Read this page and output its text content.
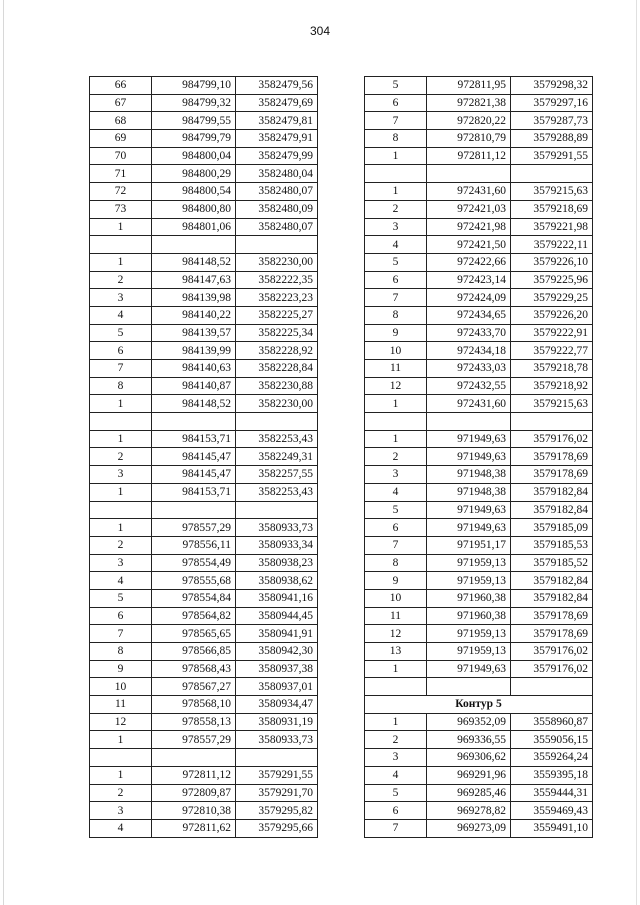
304
66	984799,10	3582479,56
67	984799,32	3582479,69
68	984799,55	3582479,81
69	984799,79	3582479,91
70	984800,04	3582479,99
71	984800,29	3582480,04
72	984800,54	3582480,07
73	984800,80	3582480,09
1	984801,06	3582480,07

1	984148,52	3582230,00
2	984147,63	3582222,35
3	984139,98	3582223,23
4	984140,22	3582225,27
5	984139,57	3582225,34
6	984139,99	3582228,92
7	984140,63	3582228,84
8	984140,87	3582230,88
1	984148,52	3582230,00

1	984153,71	3582253,43
2	984145,47	3582249,31
3	984145,47	3582257,55
1	984153,71	3582253,43

1	978557,29	3580933,73
2	978556,11	3580933,34
3	978554,49	3580938,23
4	978555,68	3580938,62
5	978554,84	3580941,16
6	978564,82	3580944,45
7	978565,65	3580941,91
8	978566,85	3580942,30
9	978568,43	3580937,38
10	978567,27	3580937,01
11	978568,10	3580934,47
12	978558,13	3580931,19
1	978557,29	3580933,73

1	972811,12	3579291,55
2	972809,87	3579291,70
3	972810,38	3579295,82
4	972811,62	3579295,66
5	972811,95	3579298,32
6	972821,38	3579297,16
7	972820,22	3579287,73
8	972810,79	3579288,89
1	972811,12	3579291,55

1	972431,60	3579215,63
2	972421,03	3579218,69
3	972421,98	3579221,98
4	972421,50	3579222,11
5	972422,66	3579226,10
6	972423,14	3579225,96
7	972424,09	3579229,25
8	972434,65	3579226,20
9	972433,70	3579222,91
10	972434,18	3579222,77
11	972433,03	3579218,78
12	972432,55	3579218,92
1	972431,60	3579215,63

1	971949,63	3579176,02
2	971949,63	3579178,69
3	971948,38	3579178,69
4	971948,38	3579182,84
5	971949,63	3579182,84
6	971949,63	3579185,09
7	971951,17	3579185,53
8	971959,13	3579185,52
9	971959,13	3579182,84
10	971960,38	3579182,84
11	971960,38	3579178,69
12	971959,13	3579178,69
13	971959,13	3579176,02
1	971949,63	3579176,02

Контур 5		
1	969352,09	3558960,87
2	969336,55	3559056,15
3	969306,62	3559264,24
4	969291,96	3559395,18
5	969285,46	3559444,31
6	969278,82	3559469,43
7	969273,09	3559491,10
